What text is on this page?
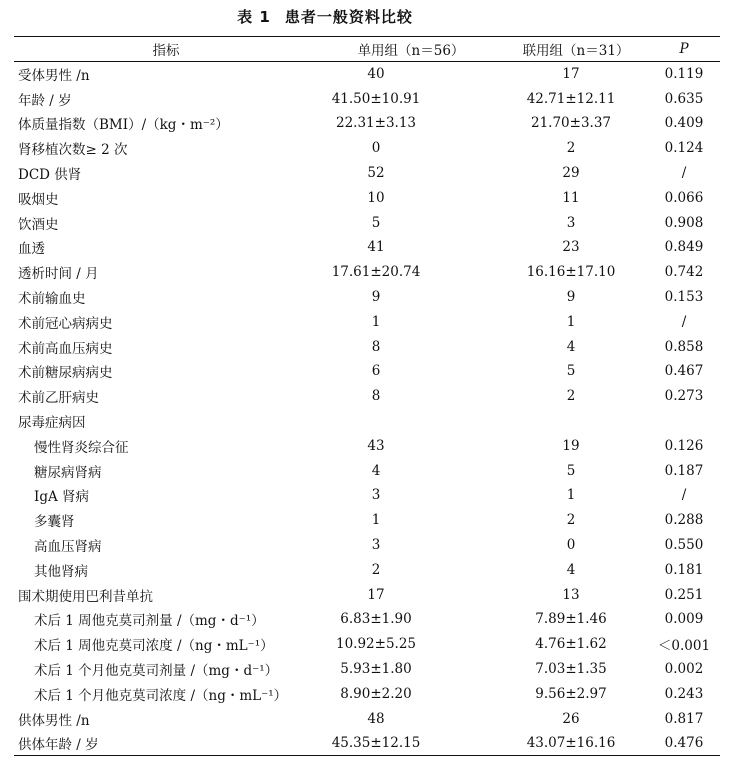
表 1 患者一般资料比较
指标	单用组（n＝56）	联用组（n＝31）	P
受体男性 /n	40	17	0.119
年龄 / 岁	41.50±10.91	42.71±12.11	0.635
体质量指数（BMI）/（kg・m⁻²）	22.31±3.13	21.70±3.37	0.409
肾移植次数≥ 2 次	0	2	0.124
DCD 供肾	52	29	/
吸烟史	10	11	0.066
饮酒史	5	3	0.908
血透	41	23	0.849
透析时间 / 月	17.61±20.74	16.16±17.10	0.742
术前输血史	9	9	0.153
术前冠心病病史	1	1	/
术前高血压病史	8	4	0.858
术前糖尿病病史	6	5	0.467
术前乙肝病史	8	2	0.273
尿毒症病因			
慢性肾炎综合征	43	19	0.126
糖尿病肾病	4	5	0.187
IgA 肾病	3	1	/
多囊肾	1	2	0.288
高血压肾病	3	0	0.550
其他肾病	2	4	0.181
围术期使用巴利昔单抗	17	13	0.251
术后 1 周他克莫司剂量 /（mg・d⁻¹）	6.83±1.90	7.89±1.46	0.009
术后 1 周他克莫司浓度 /（ng・mL⁻¹）	10.92±5.25	4.76±1.62	＜0.001
术后 1 个月他克莫司剂量 /（mg・d⁻¹）	5.93±1.80	7.03±1.35	0.002
术后 1 个月他克莫司浓度 /（ng・mL⁻¹）	8.90±2.20	9.56±2.97	0.243
供体男性 /n	48	26	0.817
供体年龄 / 岁	45.35±12.15	43.07±16.16	0.476
